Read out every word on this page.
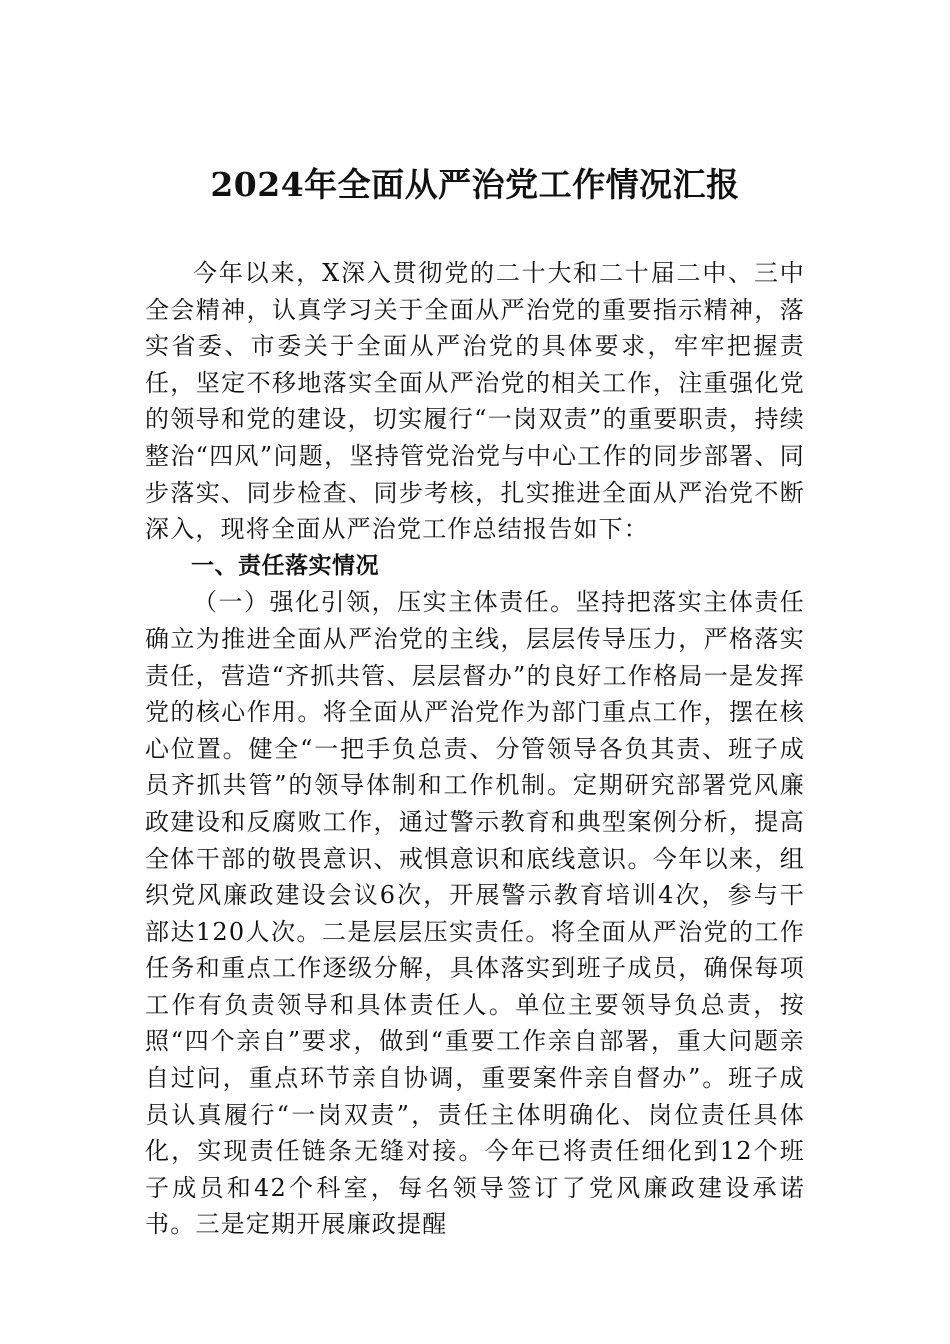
2024年全面从严治党工作情况汇报

今年以来，X深入贯彻党的二十大和二十届二中、三中全会精神，认真学习关于全面从严治党的重要指示精神，落实省委、市委关于全面从严治党的具体要求，牢牢把握责任，坚定不移地落实全面从严治党的相关工作，注重强化党的领导和党的建设，切实履行“一岗双责”的重要职责，持续整治“四风”问题，坚持管党治党与中心工作的同步部署、同步落实、同步检查、同步考核，扎实推进全面从严治党不断深入，现将全面从严治党工作总结报告如下：

一、责任落实情况

（一）强化引领，压实主体责任。坚持把落实主体责任确立为推进全面从严治党的主线，层层传导压力，严格落实责任，营造“齐抓共管、层层督办”的良好工作格局一是发挥党的核心作用。将全面从严治党作为部门重点工作，摆在核心位置。健全“一把手负总责、分管领导各负其责、班子成员齐抓共管”的领导体制和工作机制。定期研究部署党风廉政建设和反腐败工作，通过警示教育和典型案例分析，提高全体干部的敬畏意识、戒惧意识和底线意识。今年以来，组织党风廉政建设会议6次，开展警示教育培训4次，参与干部达120人次。二是层层压实责任。将全面从严治党的工作任务和重点工作逐级分解，具体落实到班子成员，确保每项工作有负责领导和具体责任人。单位主要领导负总责，按照“四个亲自”要求，做到“重要工作亲自部署，重大问题亲自过问，重点环节亲自协调，重要案件亲自督办”。班子成员认真履行“一岗双责”，责任主体明确化、岗位责任具体化，实现责任链条无缝对接。今年已将责任细化到12个班子成员和42个科室，每名领导签订了党风廉政建设承诺书。三是定期开展廉政提醒
